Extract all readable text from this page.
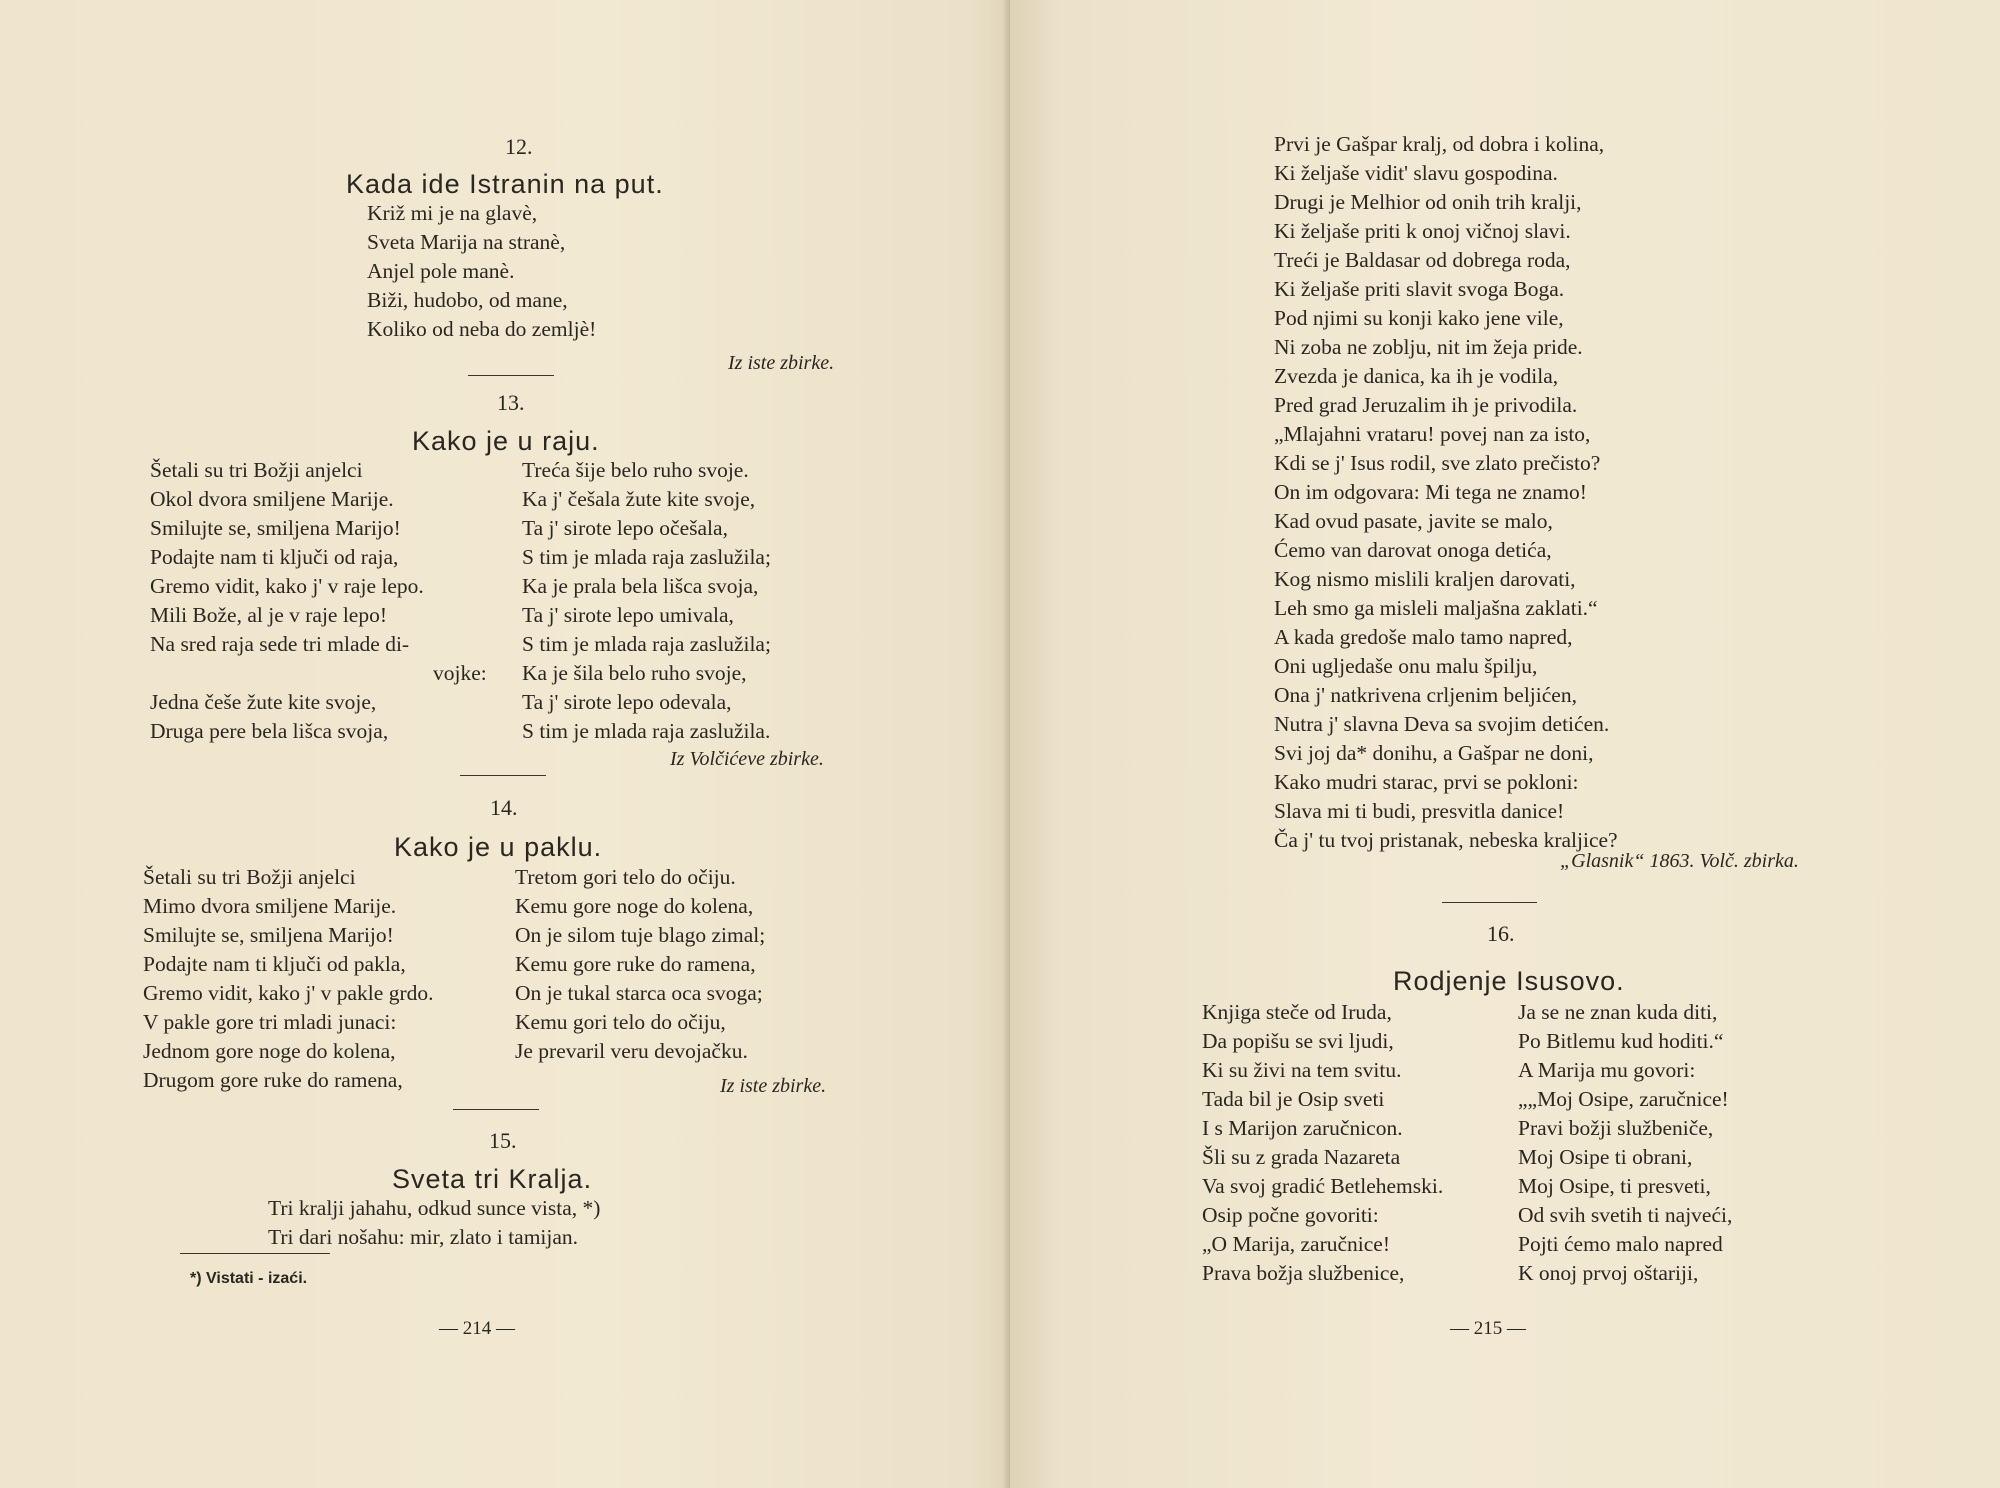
12.
Kada ide Istranin na put.
Križ mi je na glavè,
Sveta Marija na stranè,
Anjel pole manè.
Biži, hudobo, od mane,
Koliko od neba do zemljè!
Iz iste zbirke.
13.
Kako je u raju.
Šetali su tri Božji anjelci
Okol dvora smiljene Marije.
Smilujte se, smiljena Marijo!
Podajte nam ti ključi od raja,
Gremo vidit, kako j' v raje lepo.
Mili Bože, al je v raje lepo!
Na sred raja sede tri mlade di-
vojke:
Jedna češe žute kite svoje,
Druga pere bela lišca svoja,
Treća šije belo ruho svoje.
Ka j' češala žute kite svoje,
Ta j' sirote lepo očešala,
S tim je mlada raja zaslužila;
Ka je prala bela lišca svoja,
Ta j' sirote lepo umivala,
S tim je mlada raja zaslužila;
Ka je šila belo ruho svoje,
Ta j' sirote lepo odevala,
S tim je mlada raja zaslužila.
Iz Volčićeve zbirke.
14.
Kako je u paklu.
Šetali su tri Božji anjelci
Mimo dvora smiljene Marije.
Smilujte se, smiljena Marijo!
Podajte nam ti ključi od pakla,
Gremo vidit, kako j' v pakle grdo.
V pakle gore tri mladi junaci:
Jednom gore noge do kolena,
Drugom gore ruke do ramena,
Tretom gori telo do očiju.
Kemu gore noge do kolena,
On je silom tuje blago zimal;
Kemu gore ruke do ramena,
On je tukal starca oca svoga;
Kemu gori telo do očiju,
Je prevaril veru devojačku.
Iz iste zbirke.
15.
Sveta tri Kralja.
Tri kralji jahahu, odkud sunce vista, *)
Tri dari nošahu: mir, zlato i tamijan.
*) Vistati - izaći.
— 214 —
Prvi je Gašpar kralj, od dobra i kolina,
Ki željaše vidit' slavu gospodina.
Drugi je Melhior od onih trih kralji,
Ki željaše priti k onoj vičnoj slavi.
Treći je Baldasar od dobrega roda,
Ki željaše priti slavit svoga Boga.
Pod njimi su konji kako jene vile,
Ni zoba ne zoblju, nit im žeja pride.
Zvezda je danica, ka ih je vodila,
Pred grad Jeruzalim ih je privodila.
„Mlajahni vrataru! povej nan za isto,
Kdi se j' Isus rodil, sve zlato prečisto?
On im odgovara: Mi tega ne znamo!
Kad ovud pasate, javite se malo,
Ćemo van darovat onoga detića,
Kog nismo mislili kraljen darovati,
Leh smo ga misleli maljašna zaklati.“
A kada gredoše malo tamo napred,
Oni ugljedaše onu malu špilju,
Ona j' natkrivena crljenim beljićen,
Nutra j' slavna Deva sa svojim detićen.
Svi joj da* donihu, a Gašpar ne doni,
Kako mudri starac, prvi se pokloni:
Slava mi ti budi, presvitla danice!
Ča j' tu tvoj pristanak, nebeska kraljice?
„Glasnik“ 1863. Volč. zbirka.
16.
Rodjenje Isusovo.
Knjiga steče od Iruda,
Da popišu se svi ljudi,
Ki su živi na tem svitu.
Tada bil je Osip sveti
I s Marijon zaručnicon.
Šli su z grada Nazareta
Va svoj gradić Betlehemski.
Osip počne govoriti:
„O Marija, zaručnice!
Prava božja službenice,
Ja se ne znan kuda diti,
Po Bitlemu kud hoditi.“
A Marija mu govori:
„„Moj Osipe, zaručnice!
Pravi božji službeniče,
Moj Osipe ti obrani,
Moj Osipe, ti presveti,
Od svih svetih ti najveći,
Pojti ćemo malo napred
K onoj prvoj oštariji,
— 215 —
